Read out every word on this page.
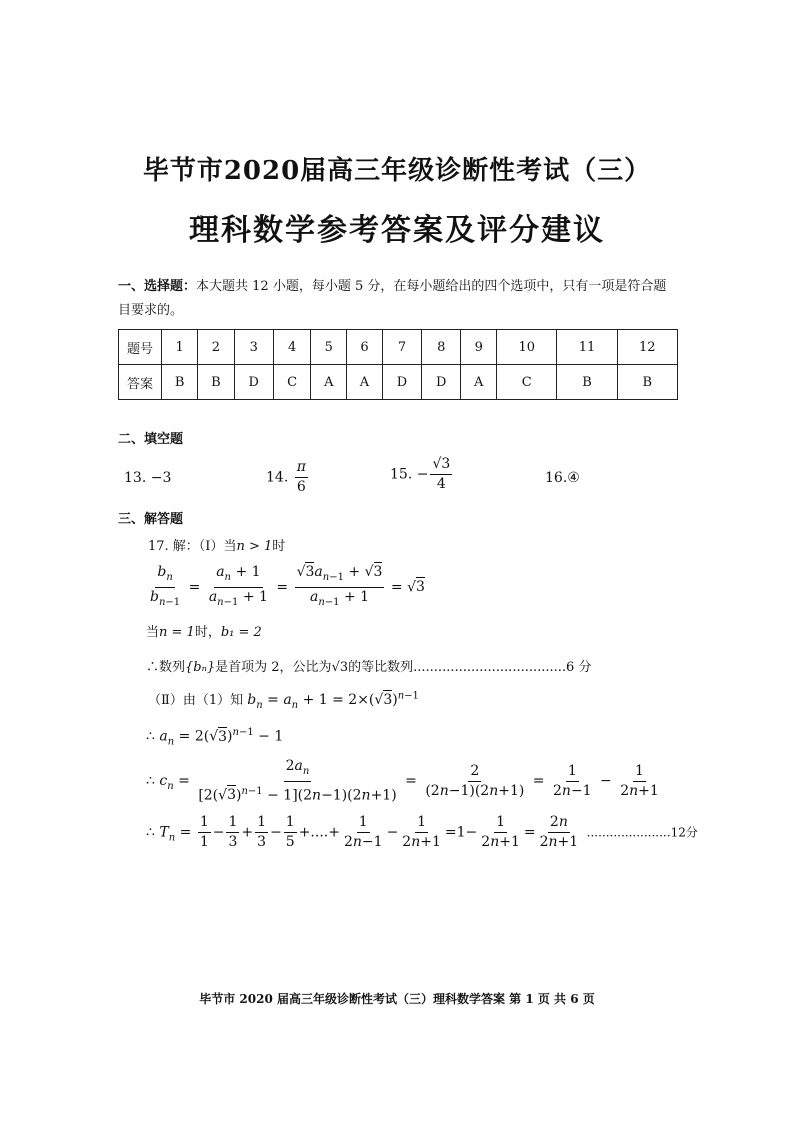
毕节市2020届高三年级诊断性考试（三）
理科数学参考答案及评分建议
一、选择题：本大题共 12 小题，每小题 5 分，在每小题给出的四个选项中，只有一项是符合题目要求的。
题号	1	2	3	4	5	6	7	8	9	10	11	12
答案	B	B	D	C	A	A	D	D	A	C	B	B
二、填空题
13. −3	14. $\frac{\pi}{6}$	15. − $\frac{√3}{4}$	16.④
三、解答题
17. 解：（Ⅰ）当n > 1时
$\frac{b_n}{b_{n-1}} = \frac{a_n + 1}{a_{n-1} + 1} = \frac{√3a_{n-1} + √3}{a_{n-1} + 1} = √3$
当n = 1时，b₁ = 2
∴数列{bₙ}是首项为 2，公比为√3的等比数列.....................................6 分
（Ⅱ）由（1）知 $b_n = a_n + 1 = 2\times(√3)^{n-1}$
∴ $a_n = 2(√3)^{n-1} - 1$
∴ $c_n = \frac{2a_n}{[2(√3)^{n-1} - 1](2n-1)(2n+1)} = \frac{2}{(2n-1)(2n+1)} = \frac{1}{2n-1} - \frac{1}{2n+1}$
∴ $T_n = \frac{1}{1} - \frac{1}{3} + \frac{1}{3} - \frac{1}{5}$ +....+ $\frac{1}{2n-1} - \frac{1}{2n+1} =1- \frac{1}{2n+1} = \frac{2n}{2n+1} ......................12$分
毕节市 2020 届高三年级诊断性考试（三）理科数学答案 第 1 页 共 6 页
